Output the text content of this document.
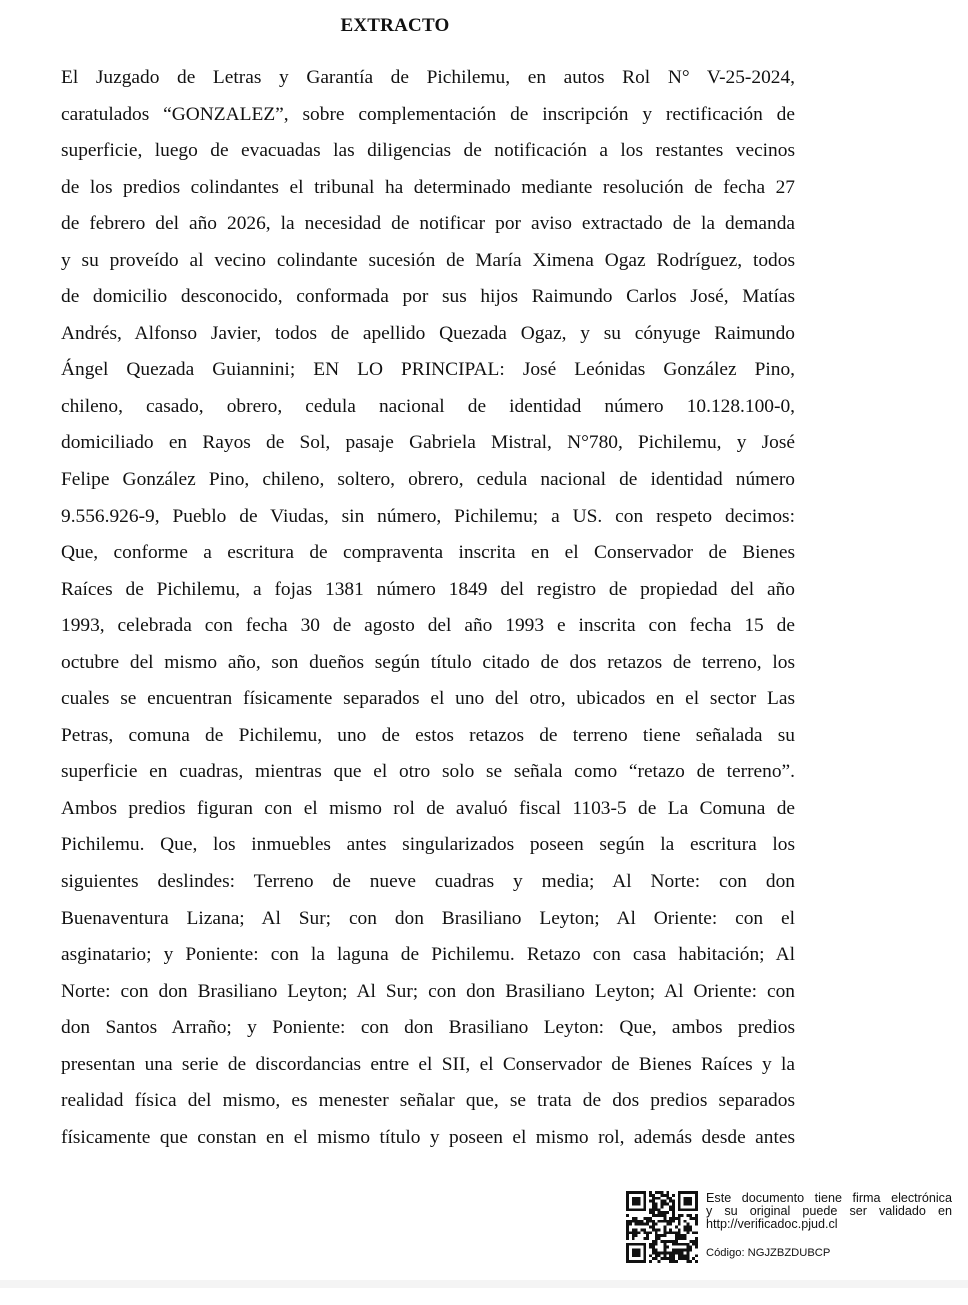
EXTRACTO
El Juzgado de Letras y Garantía de Pichilemu, en autos Rol N° V-25-2024,
caratulados “GONZALEZ”, sobre complementación de inscripción y rectificación de
superficie, luego de evacuadas las diligencias de notificación a los restantes vecinos
de los predios colindantes el tribunal ha determinado mediante resolución de fecha 27
de febrero del año 2026, la necesidad de notificar por aviso extractado de la demanda
y su proveído al vecino colindante sucesión de María Ximena Ogaz Rodríguez, todos
de domicilio desconocido, conformada por sus hijos Raimundo Carlos José, Matías
Andrés, Alfonso Javier, todos de apellido Quezada Ogaz, y su cónyuge Raimundo
Ángel Quezada Guiannini; EN LO PRINCIPAL: José Leónidas González Pino,
chileno, casado, obrero, cedula nacional de identidad número 10.128.100-0,
domiciliado en Rayos de Sol, pasaje Gabriela Mistral, N°780, Pichilemu, y José
Felipe González Pino, chileno, soltero, obrero, cedula nacional de identidad número
9.556.926-9, Pueblo de Viudas, sin número, Pichilemu; a US. con respeto decimos:
Que, conforme a escritura de compraventa inscrita en el Conservador de Bienes
Raíces de Pichilemu, a fojas 1381 número 1849 del registro de propiedad del año
1993, celebrada con fecha 30 de agosto del año 1993 e inscrita con fecha 15 de
octubre del mismo año, son dueños según título citado de dos retazos de terreno, los
cuales se encuentran físicamente separados el uno del otro, ubicados en el sector Las
Petras, comuna de Pichilemu, uno de estos retazos de terreno tiene señalada su
superficie en cuadras, mientras que el otro solo se señala como “retazo de terreno”.
Ambos predios figuran con el mismo rol de avaluó fiscal 1103-5 de La Comuna de
Pichilemu. Que, los inmuebles antes singularizados poseen según la escritura los
siguientes deslindes: Terreno de nueve cuadras y media; Al Norte: con don
Buenaventura Lizana; Al Sur; con don Brasiliano Leyton; Al Oriente: con el
asginatario; y Poniente: con la laguna de Pichilemu. Retazo con casa habitación; Al
Norte: con don Brasiliano Leyton; Al Sur; con don Brasiliano Leyton; Al Oriente: con
don Santos Arraño; y Poniente: con don Brasiliano Leyton: Que, ambos predios
presentan una serie de discordancias entre el SII, el Conservador de Bienes Raíces y la
realidad física del mismo, es menester señalar que, se trata de dos predios separados
físicamente que constan en el mismo título y poseen el mismo rol, además desde antes
Este documento tiene firma electrónica
y su original puede ser validado en
http://verificadoc.pjud.cl
Código: NGJZBZDUBCP
